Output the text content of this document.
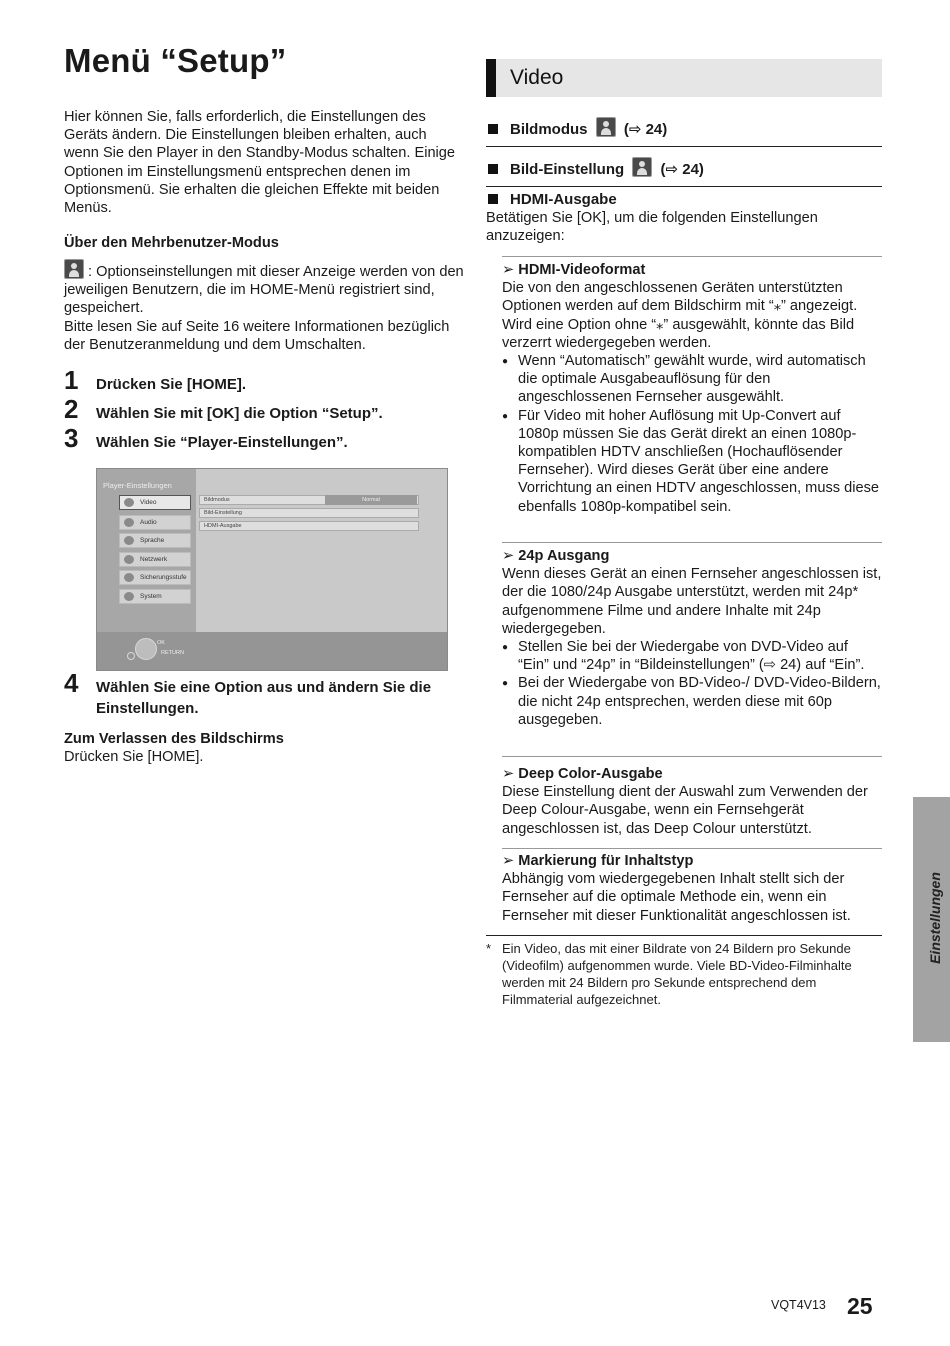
Menü “Setup”
Hier können Sie, falls erforderlich, die Einstellungen des Geräts ändern. Die Einstellungen bleiben erhalten, auch wenn Sie den Player in den Standby-Modus schalten. Einige Optionen im Einstellungsmenü entsprechen denen im Optionsmenü. Sie erhalten die gleichen Effekte mit beiden Menüs.
Über den Mehrbenutzer-Modus
: Optionseinstellungen mit dieser Anzeige werden von den jeweiligen Benutzern, die im HOME-Menü registriert sind, gespeichert.
Bitte lesen Sie auf Seite 16 weitere Informationen bezüglich der Benutzeranmeldung und dem Umschalten.
1	Drücken Sie [HOME].
2	Wählen Sie mit [OK] die Option “Setup”.
3	Wählen Sie “Player-Einstellungen”.
Player-Einstellungen
Video
Audio
Sprache
Netzwerk
Sicherungsstufe
System
Bildmodus	Normal
Bild-Einstellung
HDMI-Ausgabe
OK
RETURN
4	Wählen Sie eine Option aus und ändern Sie die Einstellungen.
Zum Verlassen des Bildschirms
Drücken Sie [HOME].
Video
Bildmodus (⇨ 24)
Bild-Einstellung (⇨ 24)
HDMI-Ausgabe
Betätigen Sie [OK], um die folgenden Einstellungen anzuzeigen:
➢ HDMI-Videoformat
Die von den angeschlossenen Geräten unterstützten Optionen werden auf dem Bildschirm mit “⁎” angezeigt. Wird eine Option ohne “⁎” ausgewählt, könnte das Bild verzerrt wiedergegeben werden.
● Wenn “Automatisch” gewählt wurde, wird automatisch die optimale Ausgabeauflösung für den angeschlossenen Fernseher ausgewählt.
● Für Video mit hoher Auflösung mit Up-Convert auf 1080p müssen Sie das Gerät direkt an einen 1080p-kompatiblen HDTV anschließen (Hochauflösender Fernseher). Wird dieses Gerät über eine andere Vorrichtung an einen HDTV angeschlossen, muss diese ebenfalls 1080p-kompatibel sein.
➢ 24p Ausgang
Wenn dieses Gerät an einen Fernseher angeschlossen ist, der die 1080/24p Ausgabe unterstützt, werden mit 24p* aufgenommene Filme und andere Inhalte mit 24p wiedergegeben.
● Stellen Sie bei der Wiedergabe von DVD-Video auf “Ein” und “24p” in “Bildeinstellungen” (⇨ 24) auf “Ein”.
● Bei der Wiedergabe von BD-Video-/ DVD-Video-Bildern, die nicht 24p entsprechen, werden diese mit 60p ausgegeben.
➢ Deep Color-Ausgabe
Diese Einstellung dient der Auswahl zum Verwenden der Deep Colour-Ausgabe, wenn ein Fernsehgerät angeschlossen ist, das Deep Colour unterstützt.
➢ Markierung für Inhaltstyp
Abhängig vom wiedergegebenen Inhalt stellt sich der Fernseher auf die optimale Methode ein, wenn ein Fernseher mit dieser Funktionalität angeschlossen ist.
* Ein Video, das mit einer Bildrate von 24 Bildern pro Sekunde (Videofilm) aufgenommen wurde. Viele BD-Video-Filminhalte werden mit 24 Bildern pro Sekunde entsprechend dem Filmmaterial aufgezeichnet.
Einstellungen
VQT4V13 25
